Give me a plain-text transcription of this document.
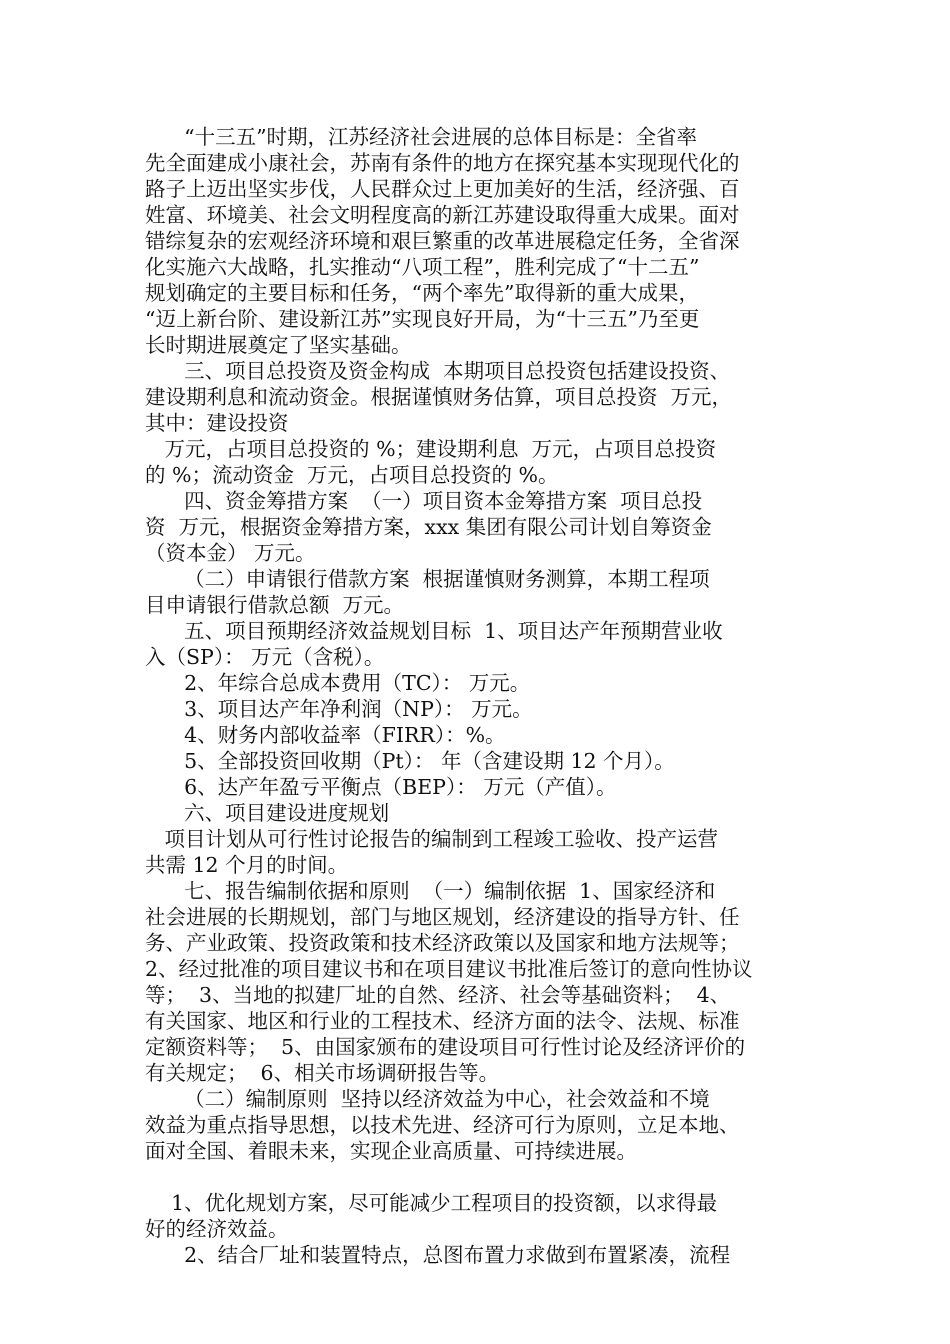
“十三五”时期，江苏经济社会进展的总体目标是：全省率
先全面建成小康社会，苏南有条件的地方在探究基本实现现代化的
路子上迈出坚实步伐，人民群众过上更加美好的生活，经济强、百
姓富、环境美、社会文明程度高的新江苏建设取得重大成果。面对
错综复杂的宏观经济环境和艰巨繁重的改革进展稳定任务，全省深
化实施六大战略，扎实推动“八项工程”，胜利完成了“十二五”
规划确定的主要目标和任务，“两个率先”取得新的重大成果，
“迈上新台阶、建设新江苏”实现良好开局，为“十三五”乃至更
长时期进展奠定了坚实基础。
三、项目总投资及资金构成  本期项目总投资包括建设投资、
建设期利息和流动资金。根据谨慎财务估算，项目总投资  万元，
其中：建设投资
万元，占项目总投资的 %；建设期利息  万元，占项目总投资
的 %；流动资金  万元，占项目总投资的 %。
四、资金筹措方案  （一）项目资本金筹措方案  项目总投
资  万元，根据资金筹措方案，xxx 集团有限公司计划自筹资金
（资本金） 万元。
（二）申请银行借款方案  根据谨慎财务测算，本期工程项
目申请银行借款总额  万元。
五、项目预期经济效益规划目标  1、项目达产年预期营业收
入（SP）： 万元（含税）。
2、年综合总成本费用（TC）： 万元。
3、项目达产年净利润（NP）： 万元。
4、财务内部收益率（FIRR）：%。
5、全部投资回收期（Pt）： 年（含建设期 12 个月）。
6、达产年盈亏平衡点（BEP）： 万元（产值）。
六、项目建设进度规划
项目计划从可行性讨论报告的编制到工程竣工验收、投产运营
共需 12 个月的时间。
七、报告编制依据和原则  （一）编制依据  1、国家经济和
社会进展的长期规划，部门与地区规划，经济建设的指导方针、任
务、产业政策、投资政策和技术经济政策以及国家和地方法规等；
2、经过批准的项目建议书和在项目建议书批准后签订的意向性协议
等；  3、当地的拟建厂址的自然、经济、社会等基础资料；  4、
有关国家、地区和行业的工程技术、经济方面的法令、法规、标准
定额资料等；  5、由国家颁布的建设项目可行性讨论及经济评价的
有关规定；  6、相关市场调研报告等。
（二）编制原则  坚持以经济效益为中心，社会效益和不境
效益为重点指导思想，以技术先进、经济可行为原则，立足本地、
面对全国、着眼未来，实现企业高质量、可持续进展。
1、优化规划方案，尽可能减少工程项目的投资额，以求得最
好的经济效益。
2、结合厂址和装置特点，总图布置力求做到布置紧凑，流程
